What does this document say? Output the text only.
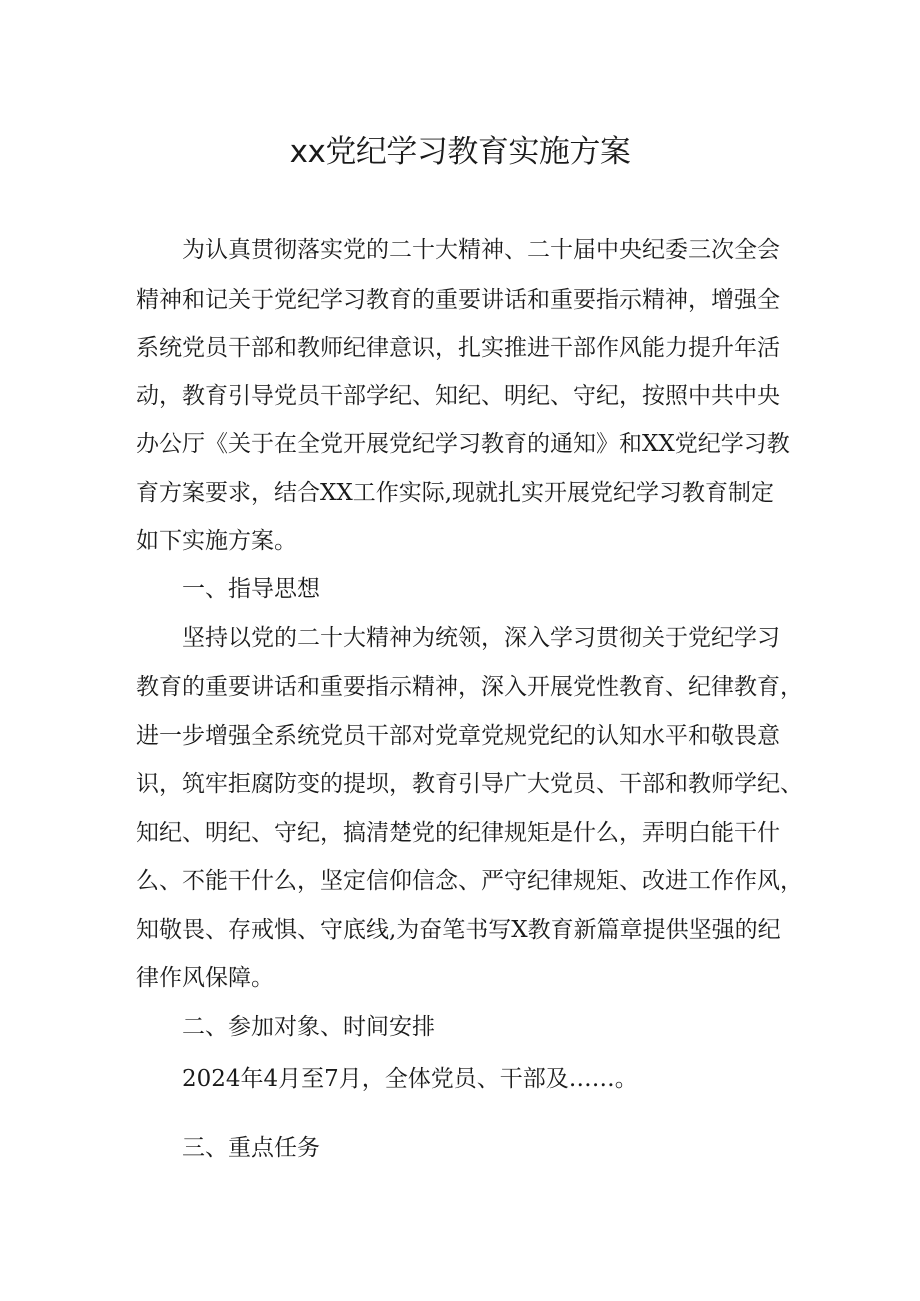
xx党纪学习教育实施方案

为认真贯彻落实党的二十大精神、二十届中央纪委三次全会

精神和记关于党纪学习教育的重要讲话和重要指示精神，增强全

系统党员干部和教师纪律意识，扎实推进干部作风能力提升年活

动，教育引导党员干部学纪、知纪、明纪、守纪，按照中共中央

办公厅《关于在全党开展党纪学习教育的通知》和XX党纪学习教

育方案要求，结合XX工作实际,现就扎实开展党纪学习教育制定

如下实施方案。

一、指导思想

坚持以党的二十大精神为统领，深入学习贯彻关于党纪学习

教育的重要讲话和重要指示精神，深入开展党性教育、纪律教育，

进一步增强全系统党员干部对党章党规党纪的认知水平和敬畏意

识，筑牢拒腐防变的提坝，教育引导广大党员、干部和教师学纪、

知纪、明纪、守纪，搞清楚党的纪律规矩是什么，弄明白能干什

么、不能干什么，坚定信仰信念、严守纪律规矩、改进工作作风，

知敬畏、存戒惧、守底线,为奋笔书写X教育新篇章提供坚强的纪

律作风保障。

二、参加对象、时间安排

2024年4月至7月，全体党员、干部及……。

三、重点任务
